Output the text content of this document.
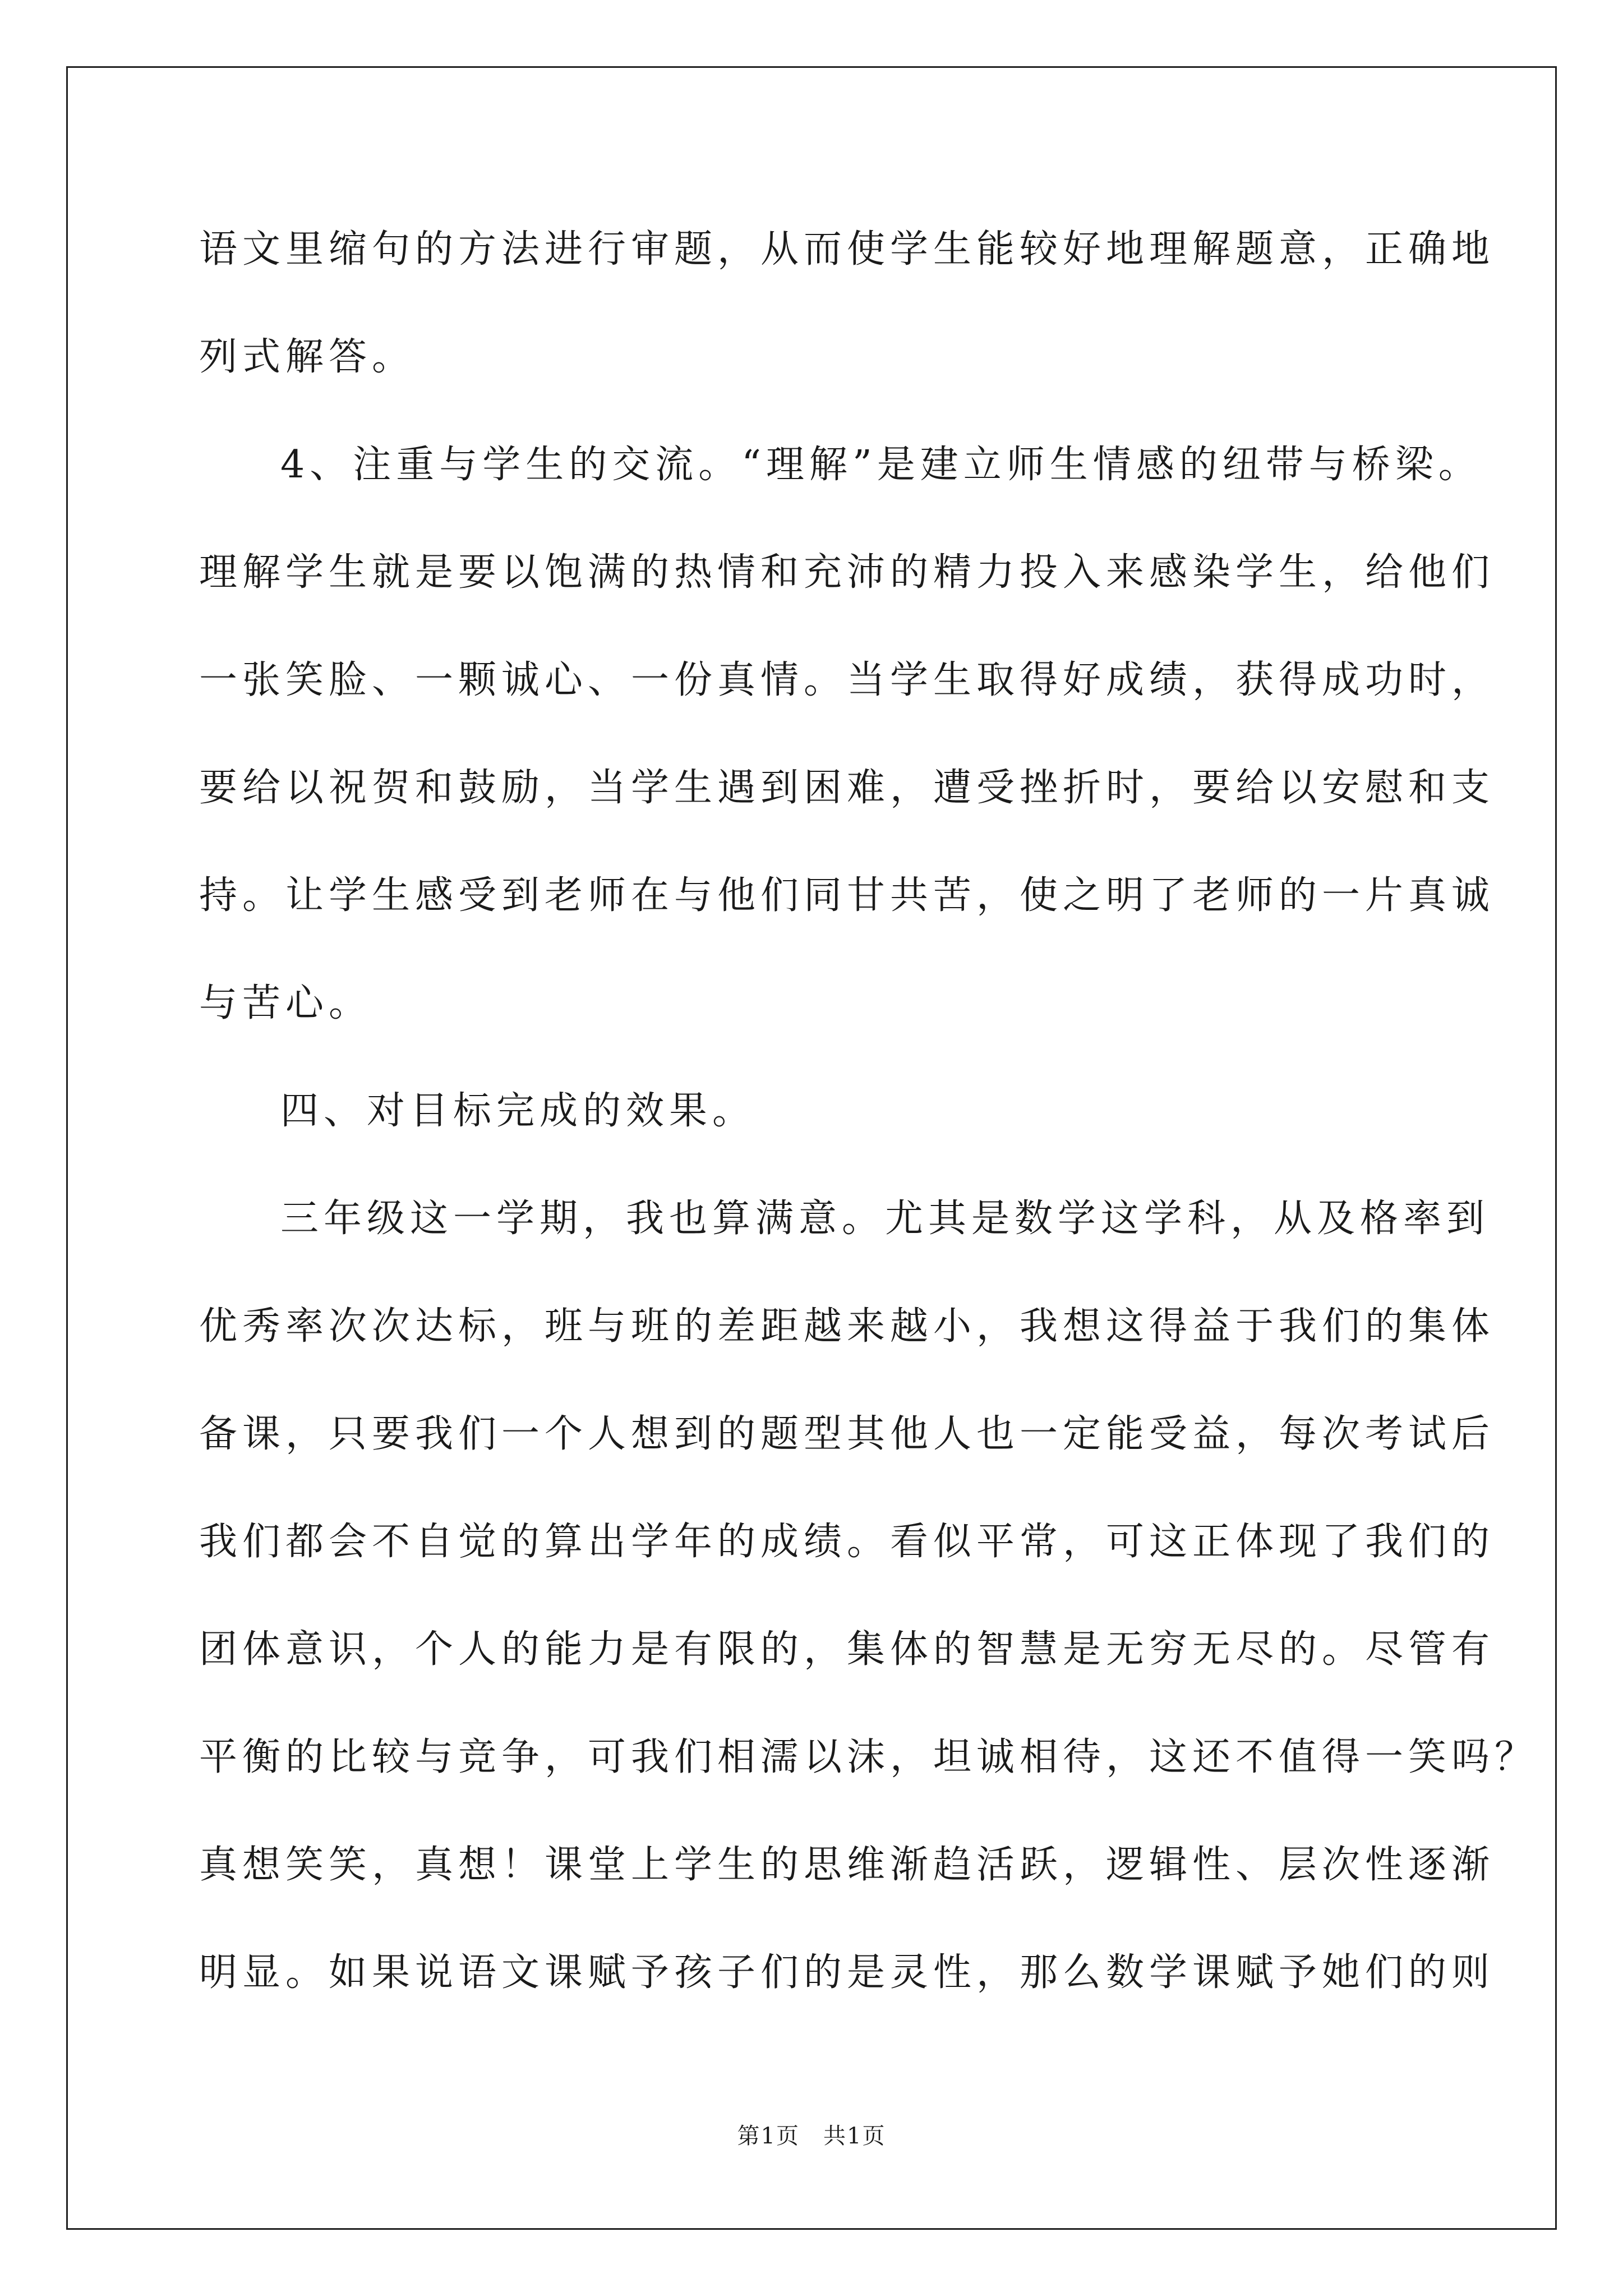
语文里缩句的方法进行审题，从而使学生能较好地理解题意，正确地
列式解答。
4、注重与学生的交流。“理解”是建立师生情感的纽带与桥梁。
理解学生就是要以饱满的热情和充沛的精力投入来感染学生，给他们
一张笑脸、一颗诚心、一份真情。当学生取得好成绩，获得成功时，
要给以祝贺和鼓励，当学生遇到困难，遭受挫折时，要给以安慰和支
持。让学生感受到老师在与他们同甘共苦，使之明了老师的一片真诚
与苦心。
四、对目标完成的效果。
三年级这一学期，我也算满意。尤其是数学这学科，从及格率到
优秀率次次达标，班与班的差距越来越小，我想这得益于我们的集体
备课，只要我们一个人想到的题型其他人也一定能受益，每次考试后
我们都会不自觉的算出学年的成绩。看似平常，可这正体现了我们的
团体意识，个人的能力是有限的，集体的智慧是无穷无尽的。尽管有
平衡的比较与竞争，可我们相濡以沫，坦诚相待，这还不值得一笑吗？
真想笑笑，真想！课堂上学生的思维渐趋活跃，逻辑性、层次性逐渐
明显。如果说语文课赋予孩子们的是灵性，那么数学课赋予她们的则
第1页　共1页
